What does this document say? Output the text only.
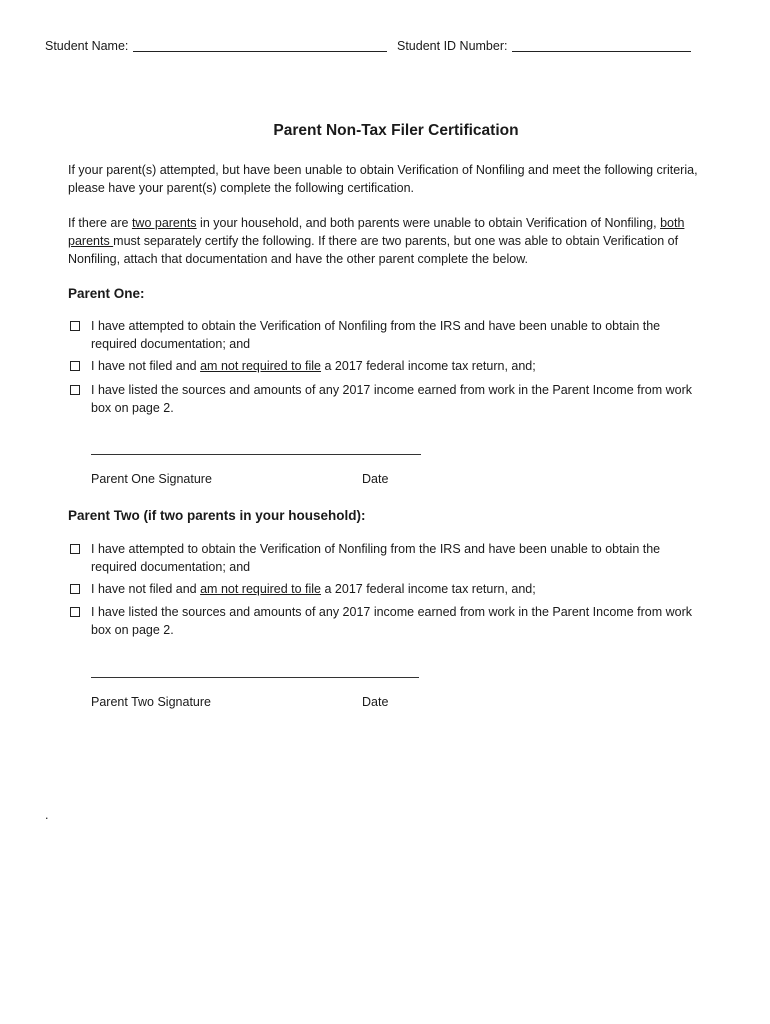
Student Name:	Student ID Number:
Parent Non-Tax Filer Certification
If your parent(s) attempted, but have been unable to obtain Verification of Nonfiling and meet the following criteria,
please have your parent(s) complete the following certification.
If there are two parents in your household, and both parents were unable to obtain Verification of Nonfiling, both
parents must separately certify the following. If there are two parents, but one was able to obtain Verification of
Nonfiling, attach that documentation and have the other parent complete the below.
Parent One:
I have attempted to obtain the Verification of Nonfiling from the IRS and have been unable to obtain the
required documentation; and
I have not filed and am not required to file a 2017 federal income tax return, and;
I have listed the sources and amounts of any 2017 income earned from work in the Parent Income from work
box on page 2.
Parent One Signature	Date
Parent Two (if two parents in your household):
I have attempted to obtain the Verification of Nonfiling from the IRS and have been unable to obtain the
required documentation; and
I have not filed and am not required to file a 2017 federal income tax return, and;
I have listed the sources and amounts of any 2017 income earned from work in the Parent Income from work
box on page 2.
Parent Two Signature	Date
.
